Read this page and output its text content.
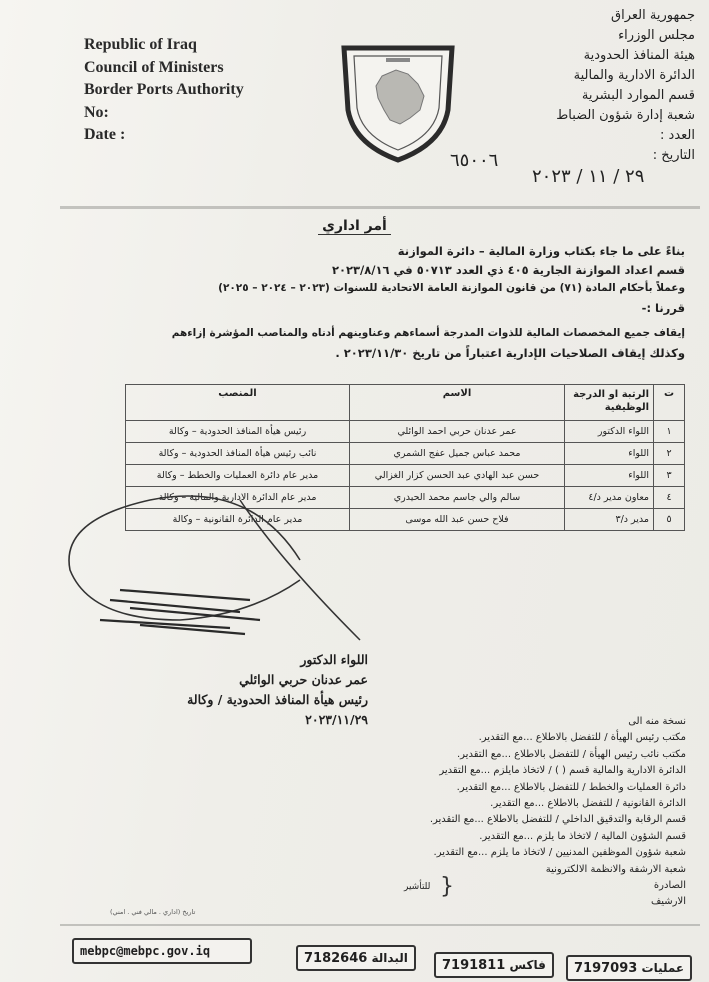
Republic of Iraq
Council of Ministers
Border Ports Authority
No:
Date :
جمهورية العراق
مجلس الوزراء
هيئة المنافذ الحدودية
الدائرة الادارية والمالية
قسم الموارد البشرية
شعبة إدارة شؤون الضباط
العدد :
التاريخ :
٦٥٠٠٦
٢٩ / ١١ / ٢٠٢٣
أمر اداري
بناءً على ما جاء بكتاب وزارة المالية – دائرة الموازنة
قسم اعداد الموازنة الجارية ٤٠٥ ذي العدد ٥٠٧١٣ في ٢٠٢٣/٨/١٦
وعملاً بأحكام المادة (٧١) من قانون الموازنة العامة الاتحادية للسنوات (٢٠٢٣ – ٢٠٢٤ – ٢٠٢٥)
قررنا :-
إيقاف جميع المخصصات المالية للذوات المدرجة أسماءهم وعناوينهم أدناه والمناصب المؤشرة إزاءهم
وكذلك إيقاف الصلاحيات الإدارية اعتباراً من تاريخ ٢٠٢٣/١١/٣٠ .
ت	الرتبة او الدرجة الوظيفية	الاسم	المنصب
١	اللواء الدكتور	عمر عدنان حربي احمد الوائلي	رئيس هيأة المنافذ الحدودية – وكالة
٢	اللواء	محمد عباس جميل عفج الشمري	نائب رئيس هيأة المنافذ الحدودية – وكالة
٣	اللواء	حسن عبد الهادي عبد الحسن كزار الغزالي	مدير عام دائرة العمليات والخطط – وكالة
٤	معاون مدير د/٤	سالم والي جاسم محمد الحيدري	مدير عام الدائرة الادارية والمالية – وكالة
٥	مدير د/٣	فلاح حسن عبد الله موسى	مدير عام الدائرة القانونية – وكالة
اللواء الدكتور
عمر عدنان حربي الوائلي
رئيس هيأة المنافذ الحدودية / وكالة
٢٠٢٣/١١/٢٩	نسخة منه الى
مكتب رئيس الهيأة / للتفضل بالاطلاع ...مع التقدير.
مكتب نائب رئيس الهيأة / للتفضل بالاطلاع ...مع التقدير.
الدائرة الادارية والمالية قسم ( ) / لاتخاذ مايلزم ...مع التقدير
دائرة العمليات والخطط / للتفضل بالاطلاع ...مع التقدير.
الدائرة القانونية / للتفضل بالاطلاع ...مع التقدير.
قسم الرقابة والتدقيق الداخلي / للتفضل بالاطلاع ...مع التقدير.
قسم الشؤون المالية / لاتخاذ ما يلزم ...مع التقدير.
شعبة شؤون الموظفين المدنيين / لاتخاذ ما يلزم ...مع التقدير.
شعبة الارشفة والانظمة الالكترونية
الصادرة
الارشيف
}
للتأشير
تاريخ (اداري . مالي فني . امني)
mebpc@mebpc.gov.iq	البدالة 7182646	فاكس 7191811	عمليات 7197093
